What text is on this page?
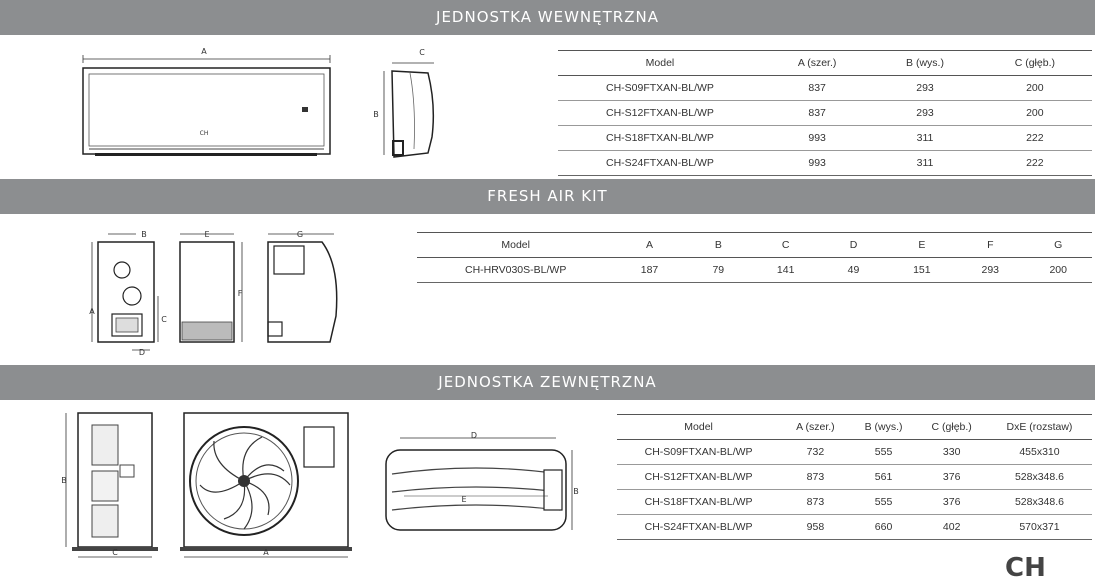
JEDNOSTKA WEWNĘTRZNA
FRESH AIR KIT
JEDNOSTKA ZEWNĘTRZNA
A
CH
C
B
Model	A (szer.)	B (wys.)	C (głęb.)
CH-S09FTXAN-BL/WP	837	293	200
CH-S12FTXAN-BL/WP	837	293	200
CH-S18FTXAN-BL/WP	993	311	222
CH-S24FTXAN-BL/WP	993	311	222
B
A
C
D
E
F
G
Model	A	B	C	D	E	F	G
CH-HRV030S-BL/WP	187	79	141	49	151	293	200
B
C	A
D
E
B
Model	A (szer.)	B (wys.)	C (głęb.)	DxE (rozstaw)
CH-S09FTXAN-BL/WP	732	555	330	455x310
CH-S12FTXAN-BL/WP	873	561	376	528x348.6
CH-S18FTXAN-BL/WP	873	555	376	528x348.6
CH-S24FTXAN-BL/WP	958	660	402	570x371
CH
